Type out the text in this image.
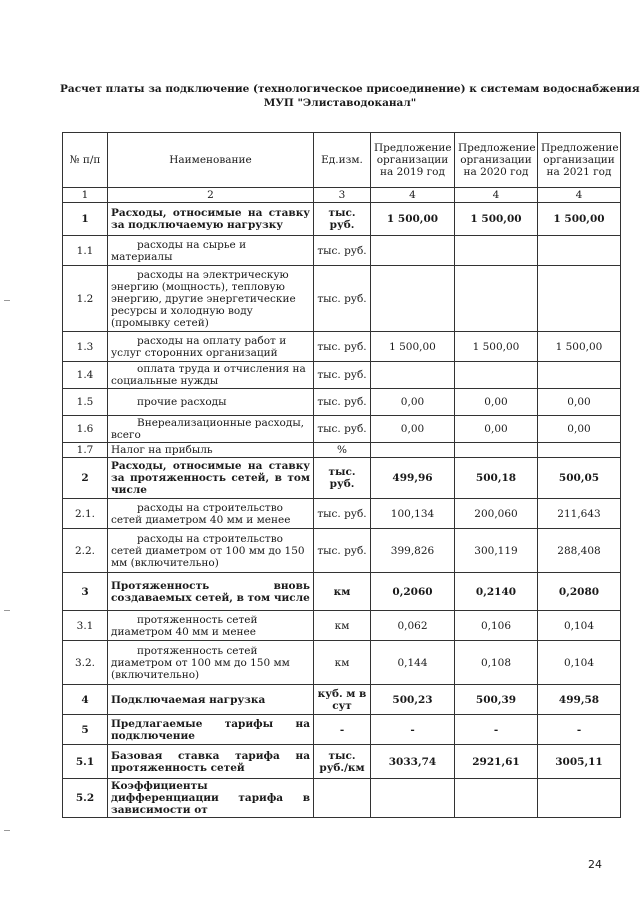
Расчет платы за подключение (технологическое присоединение) к системам водоснабжения
МУП "Элиставодоканал"
№ п/п	Наименование	Ед.изм.	Предложение организации на 2019 год	Предложение организации на 2020 год	Предложение организации на 2021 год
1	2	3	4	4	4
1	Расходы, относимые на ставку за подключаемую нагрузку	тыс. руб.	1 500,00	1 500,00	1 500,00
1.1	расходы на сырье и материалы	тыс. руб.			
1.2	расходы на электрическую энергию (мощность), тепловую энергию, другие энергетические ресурсы и холодную воду (промывку сетей)	тыс. руб.			
1.3	расходы на оплату работ и услуг сторонних организаций	тыс. руб.	1 500,00	1 500,00	1 500,00
1.4	оплата труда и отчисления на социальные нужды	тыс. руб.			
1.5	прочие расходы	тыс. руб.	0,00	0,00	0,00
1.6	Внереализационные расходы, всего	тыс. руб.	0,00	0,00	0,00
1.7	Налог на прибыль	%			
2	Расходы, относимые на ставку за протяженность сетей, в том числе	тыс. руб.	499,96	500,18	500,05
2.1.	расходы на строительство сетей диаметром 40 мм и менее	тыс. руб.	100,134	200,060	211,643
2.2.	расходы на строительство сетей диаметром от 100 мм до 150 мм (включительно)	тыс. руб.	399,826	300,119	288,408
3	Протяженность вновь создаваемых сетей, в том числе	км	0,2060	0,2140	0,2080
3.1	протяженность сетей диаметром 40 мм и менее	км	0,062	0,106	0,104
3.2.	протяженность сетей диаметром от 100 мм до 150 мм (включительно)	км	0,144	0,108	0,104
4	Подключаемая нагрузка	куб. м в сут	500,23	500,39	499,58
5	Предлагаемые тарифы на подключение	-	-	-	-
5.1	Базовая ставка тарифа на протяженность сетей	тыс. руб./км	3033,74	2921,61	3005,11
5.2	Коэффициенты дифференциации тарифа в зависимости от				
24
